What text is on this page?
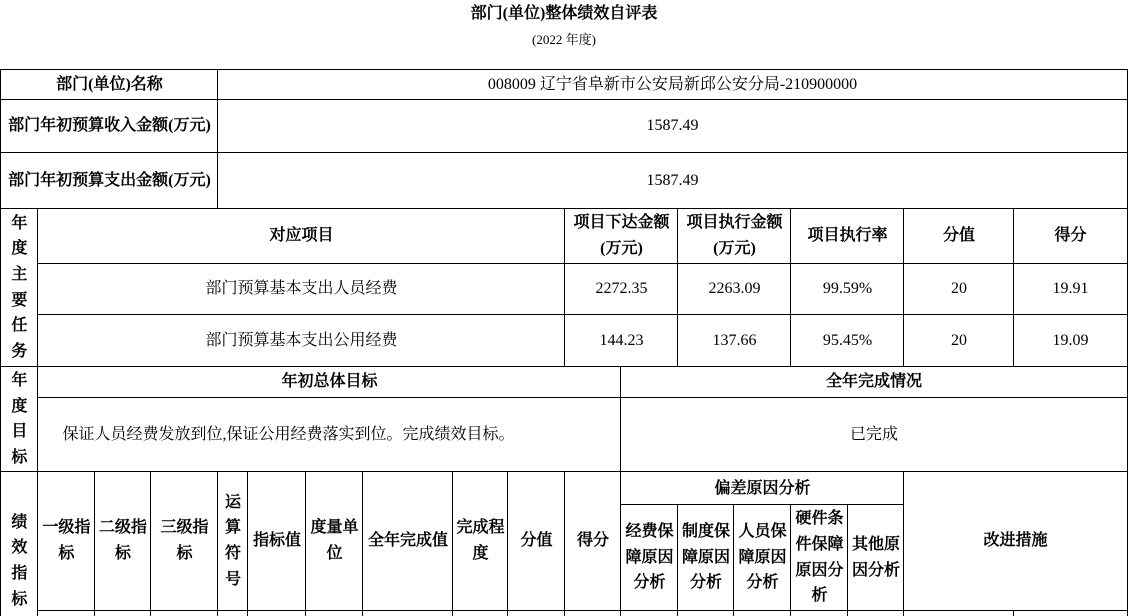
部门(单位)整体绩效自评表
(2022 年度)
部门(单位)名称				008009 辽宁省阜新市公安局新邱公安分局-210900000													
部门年初预算收入金额(万元)				1587.49													
部门年初预算支出金额(万元)				1587.49													
年度主要任务	对应项目									项目下达金额(万元)		项目执行金额(万元)		项目执行率		分值	得分
	部门预算基本支出人员经费									2272.35		2263.09		99.59%		20	19.91
	部门预算基本支出公用经费									144.23		137.66		95.45%		20	19.09
年度目标	年初总体目标										全年完成情况						
	保证人员经费发放到位,保证公用经费落实到位。完成绩效目标。										已完成						
绩效指标	一级指标	二级指标	三级指标	运算符号	指标值	度量单位	全年完成值	完成程度	分值	得分	偏差原因分析					改进措施	
											经费保障原因分析	制度保障原因分析	人员保障原因分析	硬件条件保障原因分析	其他原因分析		
